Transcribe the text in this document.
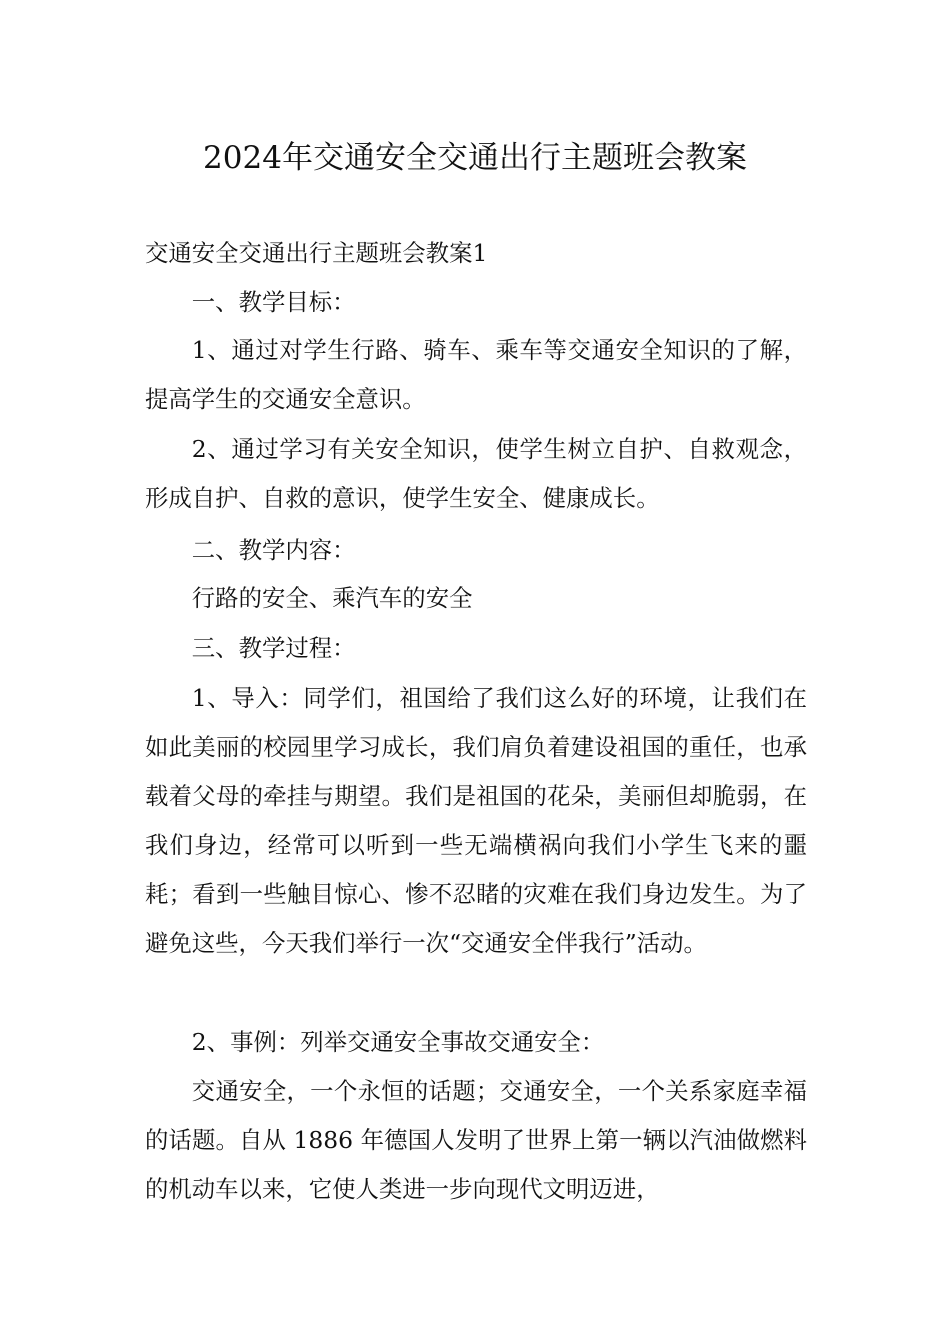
2024年交通安全交通出行主题班会教案

交通安全交通出行主题班会教案1

一、教学目标：

1、通过对学生行路、骑车、乘车等交通安全知识的了解，提高学生的交通安全意识。

2、通过学习有关安全知识，使学生树立自护、自救观念，形成自护、自救的意识，使学生安全、健康成长。

二、教学内容：

行路的安全、乘汽车的安全

三、教学过程：

1、导入：同学们，祖国给了我们这么好的环境，让我们在如此美丽的校园里学习成长，我们肩负着建设祖国的重任，也承载着父母的牵挂与期望。我们是祖国的花朵，美丽但却脆弱，在我们身边，经常可以听到一些无端横祸向我们小学生飞来的噩耗；看到一些触目惊心、惨不忍睹的灾难在我们身边发生。为了避免这些，今天我们举行一次“交通安全伴我行”活动。

2、事例：列举交通安全事故交通安全：

交通安全，一个永恒的话题；交通安全，一个关系家庭幸福的话题。自从 1886 年德国人发明了世界上第一辆以汽油做燃料的机动车以来，它使人类进一步向现代文明迈进，
